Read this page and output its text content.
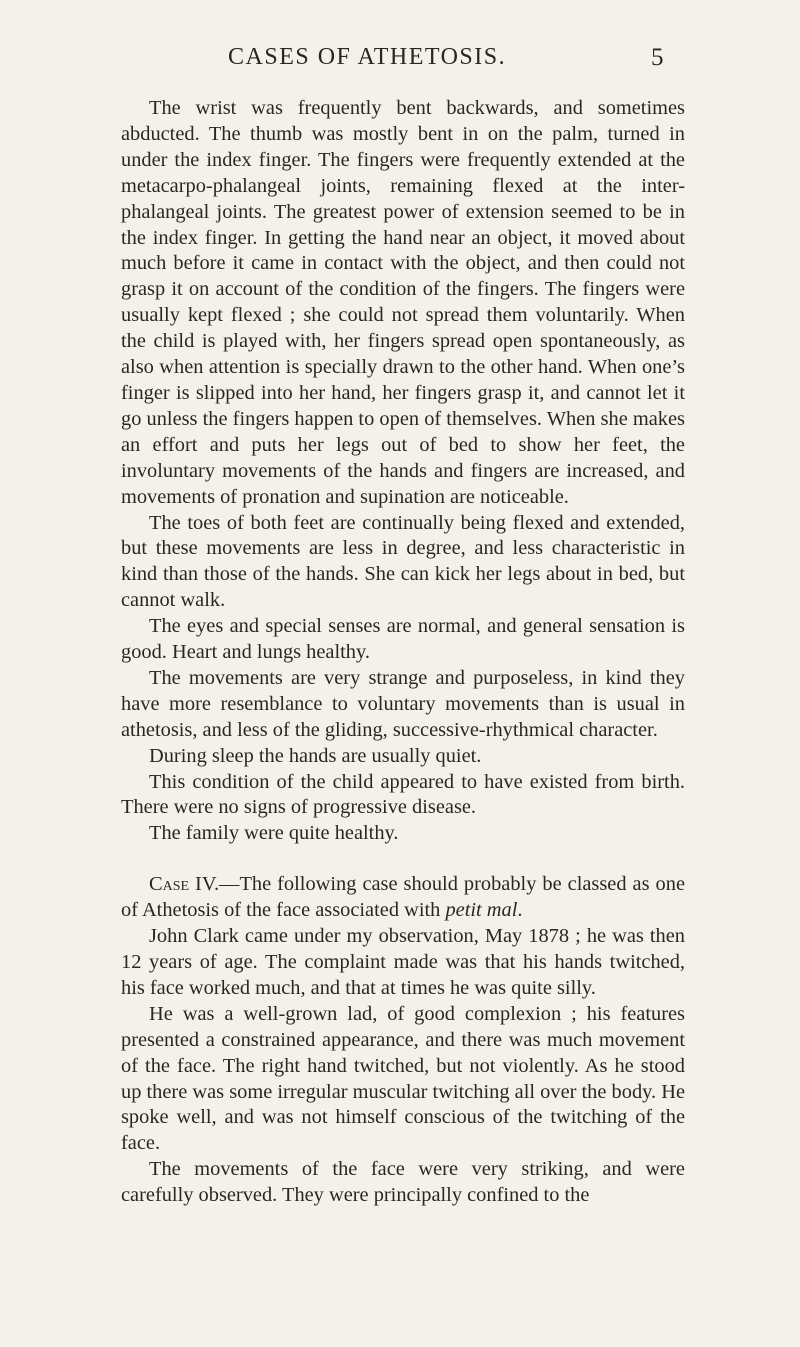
CASES OF ATHETOSIS.	5

The wrist was frequently bent backwards, and sometimes abducted. The thumb was mostly bent in on the palm, turned in under the index finger. The fingers were frequently extended at the metacarpo-phalangeal joints, remaining flexed at the inter-phalangeal joints. The greatest power of extension seemed to be in the index finger. In getting the hand near an object, it moved about much before it came in contact with the object, and then could not grasp it on account of the condition of the fingers. The fingers were usually kept flexed ; she could not spread them voluntarily. When the child is played with, her fingers spread open spontaneously, as also when attention is specially drawn to the other hand. When one’s finger is slipped into her hand, her fingers grasp it, and cannot let it go unless the fingers happen to open of themselves. When she makes an effort and puts her legs out of bed to show her feet, the involuntary movements of the hands and fingers are increased, and movements of pronation and supination are noticeable.

The toes of both feet are continually being flexed and extended, but these movements are less in degree, and less characteristic in kind than those of the hands. She can kick her legs about in bed, but cannot walk.

The eyes and special senses are normal, and general sensation is good. Heart and lungs healthy.

The movements are very strange and purposeless, in kind they have more resemblance to voluntary movements than is usual in athetosis, and less of the gliding, successive-rhythmical character.

During sleep the hands are usually quiet.

This condition of the child appeared to have existed from birth. There were no signs of progressive disease.

The family were quite healthy.

Case IV.—The following case should probably be classed as one of Athetosis of the face associated with petit mal.

John Clark came under my observation, May 1878 ; he was then 12 years of age. The complaint made was that his hands twitched, his face worked much, and that at times he was quite silly.

He was a well-grown lad, of good complexion ; his features presented a constrained appearance, and there was much movement of the face. The right hand twitched, but not violently. As he stood up there was some irregular muscular twitching all over the body. He spoke well, and was not himself conscious of the twitching of the face.

The movements of the face were very striking, and were carefully observed. They were principally confined to the
